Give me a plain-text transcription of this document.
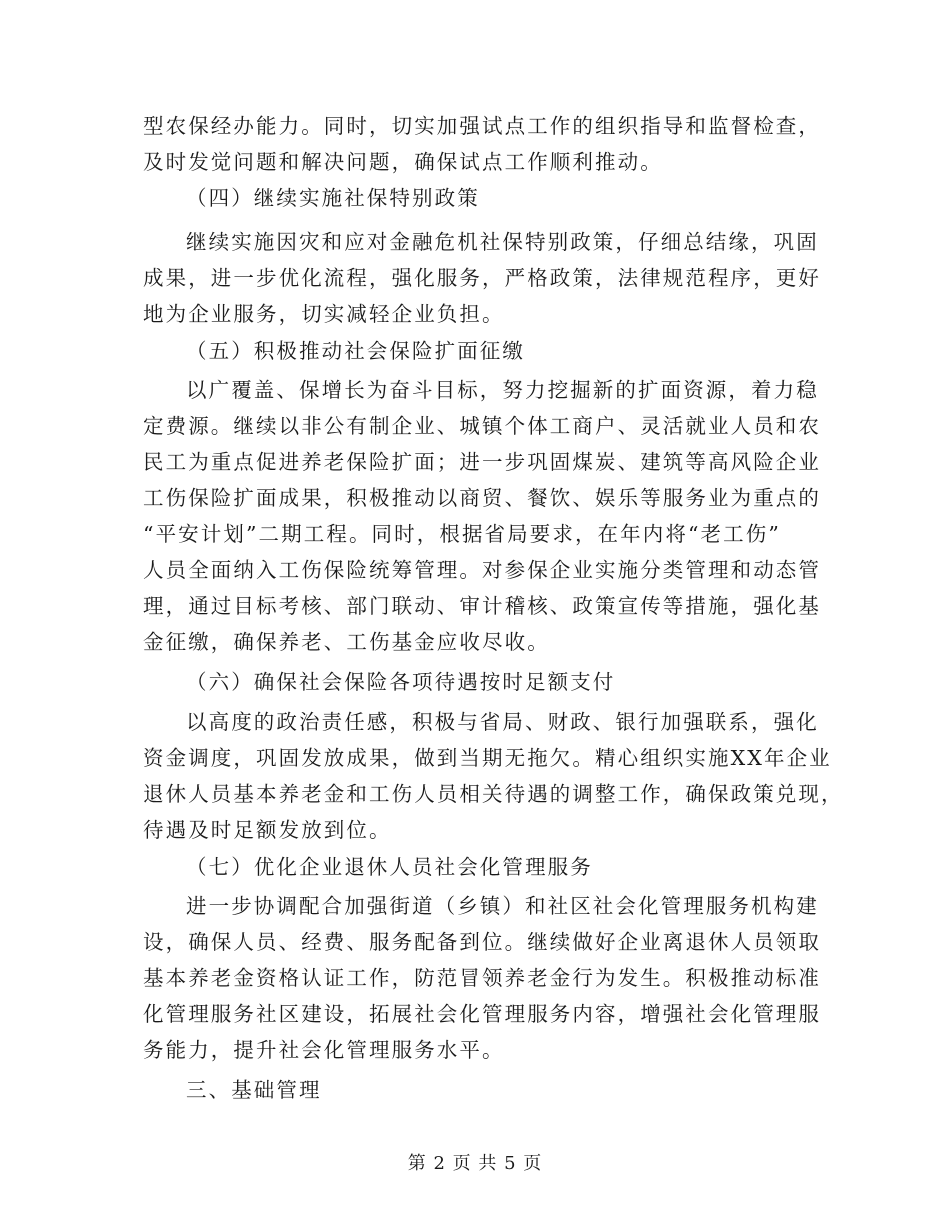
型农保经办能力。同时，切实加强试点工作的组织指导和监督检查，
及时发觉问题和解决问题，确保试点工作顺利推动。
（四）继续实施社保特别政策
继续实施因灾和应对金融危机社保特别政策，仔细总结缘，巩固
成果，进一步优化流程，强化服务，严格政策，法律规范程序，更好
地为企业服务，切实减轻企业负担。
（五）积极推动社会保险扩面征缴
以广覆盖、保增长为奋斗目标，努力挖掘新的扩面资源，着力稳
定费源。继续以非公有制企业、城镇个体工商户、灵活就业人员和农
民工为重点促进养老保险扩面；进一步巩固煤炭、建筑等高风险企业
工伤保险扩面成果，积极推动以商贸、餐饮、娱乐等服务业为重点的
“平安计划”二期工程。同时，根据省局要求，在年内将“老工伤”
人员全面纳入工伤保险统筹管理。对参保企业实施分类管理和动态管
理，通过目标考核、部门联动、审计稽核、政策宣传等措施，强化基
金征缴，确保养老、工伤基金应收尽收。
（六）确保社会保险各项待遇按时足额支付
以高度的政治责任感，积极与省局、财政、银行加强联系，强化
资金调度，巩固发放成果，做到当期无拖欠。精心组织实施XX年企业
退休人员基本养老金和工伤人员相关待遇的调整工作，确保政策兑现，
待遇及时足额发放到位。
（七）优化企业退休人员社会化管理服务
进一步协调配合加强街道（乡镇）和社区社会化管理服务机构建
设，确保人员、经费、服务配备到位。继续做好企业离退休人员领取
基本养老金资格认证工作，防范冒领养老金行为发生。积极推动标准
化管理服务社区建设，拓展社会化管理服务内容，增强社会化管理服
务能力，提升社会化管理服务水平。
三、基础管理
第 2 页 共 5 页
